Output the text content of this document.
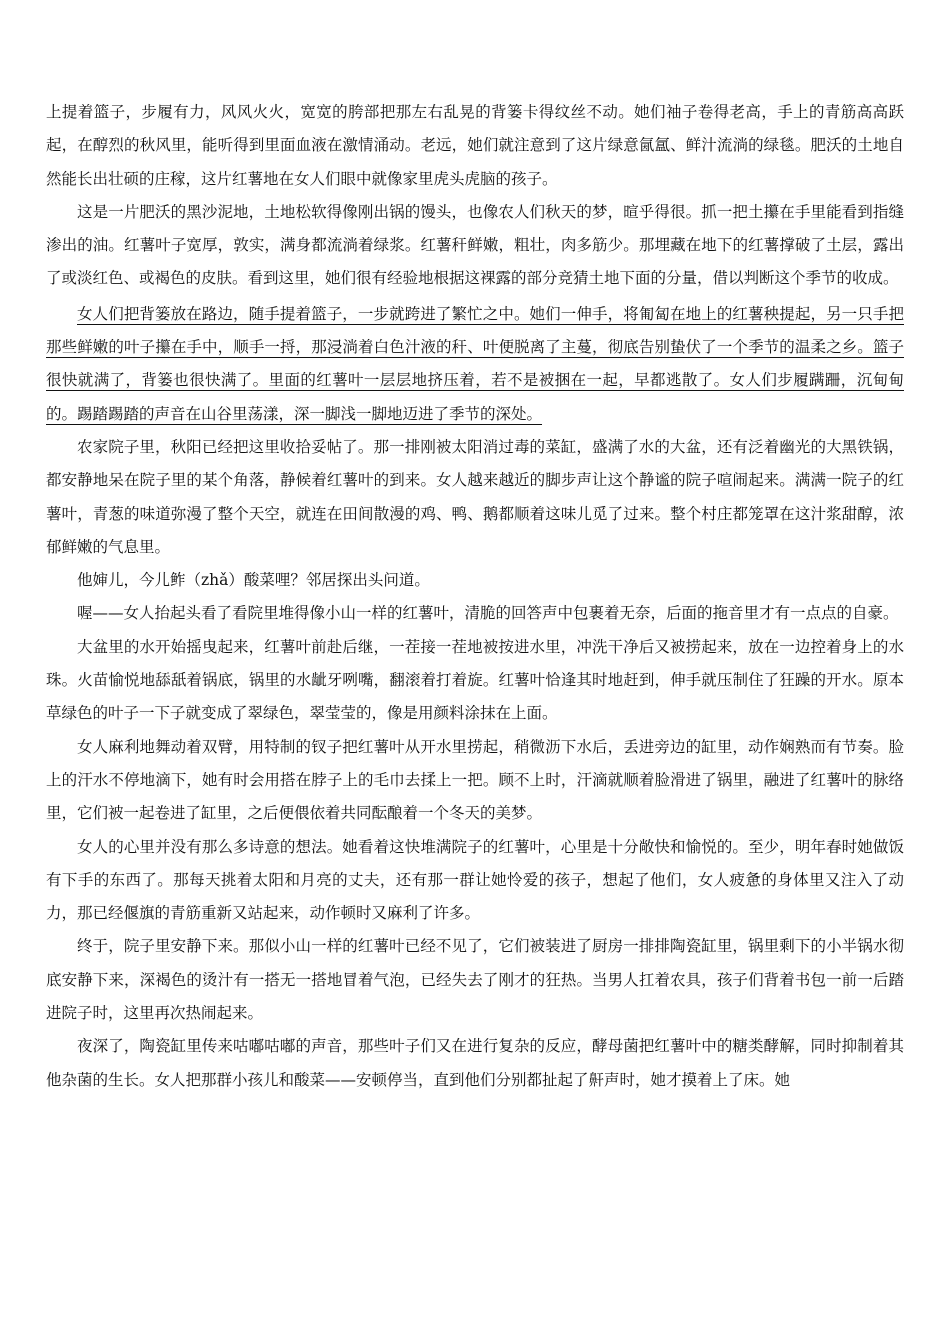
上提着篮子，步履有力，风风火火，宽宽的胯部把那左右乱晃的背篓卡得纹丝不动。她们袖子卷得老高，手上的青筋高高跃起，在醇烈的秋风里，能听得到里面血液在激情涌动。老远，她们就注意到了这片绿意氤氲、鲜汁流淌的绿毯。肥沃的土地自然能长出壮硕的庄稼，这片红薯地在女人们眼中就像家里虎头虎脑的孩子。

这是一片肥沃的黑沙泥地，土地松软得像刚出锅的馒头，也像农人们秋天的梦，暄乎得很。抓一把土攥在手里能看到指缝渗出的油。红薯叶子宽厚，敦实，满身都流淌着绿浆。红薯秆鲜嫩，粗壮，肉多筋少。那埋藏在地下的红薯撑破了土层，露出了或淡红色、或褐色的皮肤。看到这里，她们很有经验地根据这裸露的部分竞猜土地下面的分量，借以判断这个季节的收成。

女人们把背篓放在路边，随手提着篮子，一步就跨进了繁忙之中。她们一伸手，将匍匐在地上的红薯秧提起，另一只手把那些鲜嫩的叶子攥在手中，顺手一捋，那浸淌着白色汁液的秆、叶便脱离了主蔓，彻底告别蛰伏了一个季节的温柔之乡。篮子很快就满了，背篓也很快满了。里面的红薯叶一层层地挤压着，若不是被捆在一起，早都逃散了。女人们步履蹒跚，沉甸甸的。踢踏踢踏的声音在山谷里荡漾，深一脚浅一脚地迈进了季节的深处。

农家院子里，秋阳已经把这里收拾妥帖了。那一排刚被太阳消过毒的菜缸，盛满了水的大盆，还有泛着幽光的大黑铁锅，都安静地呆在院子里的某个角落，静候着红薯叶的到来。女人越来越近的脚步声让这个静谧的院子喧闹起来。满满一院子的红薯叶，青葱的味道弥漫了整个天空，就连在田间散漫的鸡、鸭、鹅都顺着这味儿觅了过来。整个村庄都笼罩在这汁浆甜醇，浓郁鲜嫩的气息里。

他婶儿，今儿鲊（zhǎ）酸菜哩？邻居探出头问道。

喔——女人抬起头看了看院里堆得像小山一样的红薯叶，清脆的回答声中包裹着无奈，后面的拖音里才有一点点的自豪。

大盆里的水开始摇曳起来，红薯叶前赴后继，一茬接一茬地被按进水里，冲洗干净后又被捞起来，放在一边控着身上的水珠。火苗愉悦地舔舐着锅底，锅里的水龇牙咧嘴，翻滚着打着旋。红薯叶恰逢其时地赶到，伸手就压制住了狂躁的开水。原本草绿色的叶子一下子就变成了翠绿色，翠莹莹的，像是用颜料涂抹在上面。

女人麻利地舞动着双臂，用特制的钗子把红薯叶从开水里捞起，稍微沥下水后，丢进旁边的缸里，动作娴熟而有节奏。脸上的汗水不停地滴下，她有时会用搭在脖子上的毛巾去揉上一把。顾不上时，汗滴就顺着脸滑进了锅里，融进了红薯叶的脉络里，它们被一起卷进了缸里，之后便偎依着共同酝酿着一个冬天的美梦。

女人的心里并没有那么多诗意的想法。她看着这快堆满院子的红薯叶，心里是十分敞快和愉悦的。至少，明年春时她做饭有下手的东西了。那每天挑着太阳和月亮的丈夫，还有那一群让她怜爱的孩子，想起了他们，女人疲惫的身体里又注入了动力，那已经偃旗的青筋重新又站起来，动作顿时又麻利了许多。

终于，院子里安静下来。那似小山一样的红薯叶已经不见了，它们被装进了厨房一排排陶瓷缸里，锅里剩下的小半锅水彻底安静下来，深褐色的烫汁有一搭无一搭地冒着气泡，已经失去了刚才的狂热。当男人扛着农具，孩子们背着书包一前一后踏进院子时，这里再次热闹起来。

夜深了，陶瓷缸里传来咕嘟咕嘟的声音，那些叶子们又在进行复杂的反应，酵母菌把红薯叶中的糖类酵解，同时抑制着其他杂菌的生长。女人把那群小孩儿和酸菜——安顿停当，直到他们分别都扯起了鼾声时，她才摸着上了床。她
